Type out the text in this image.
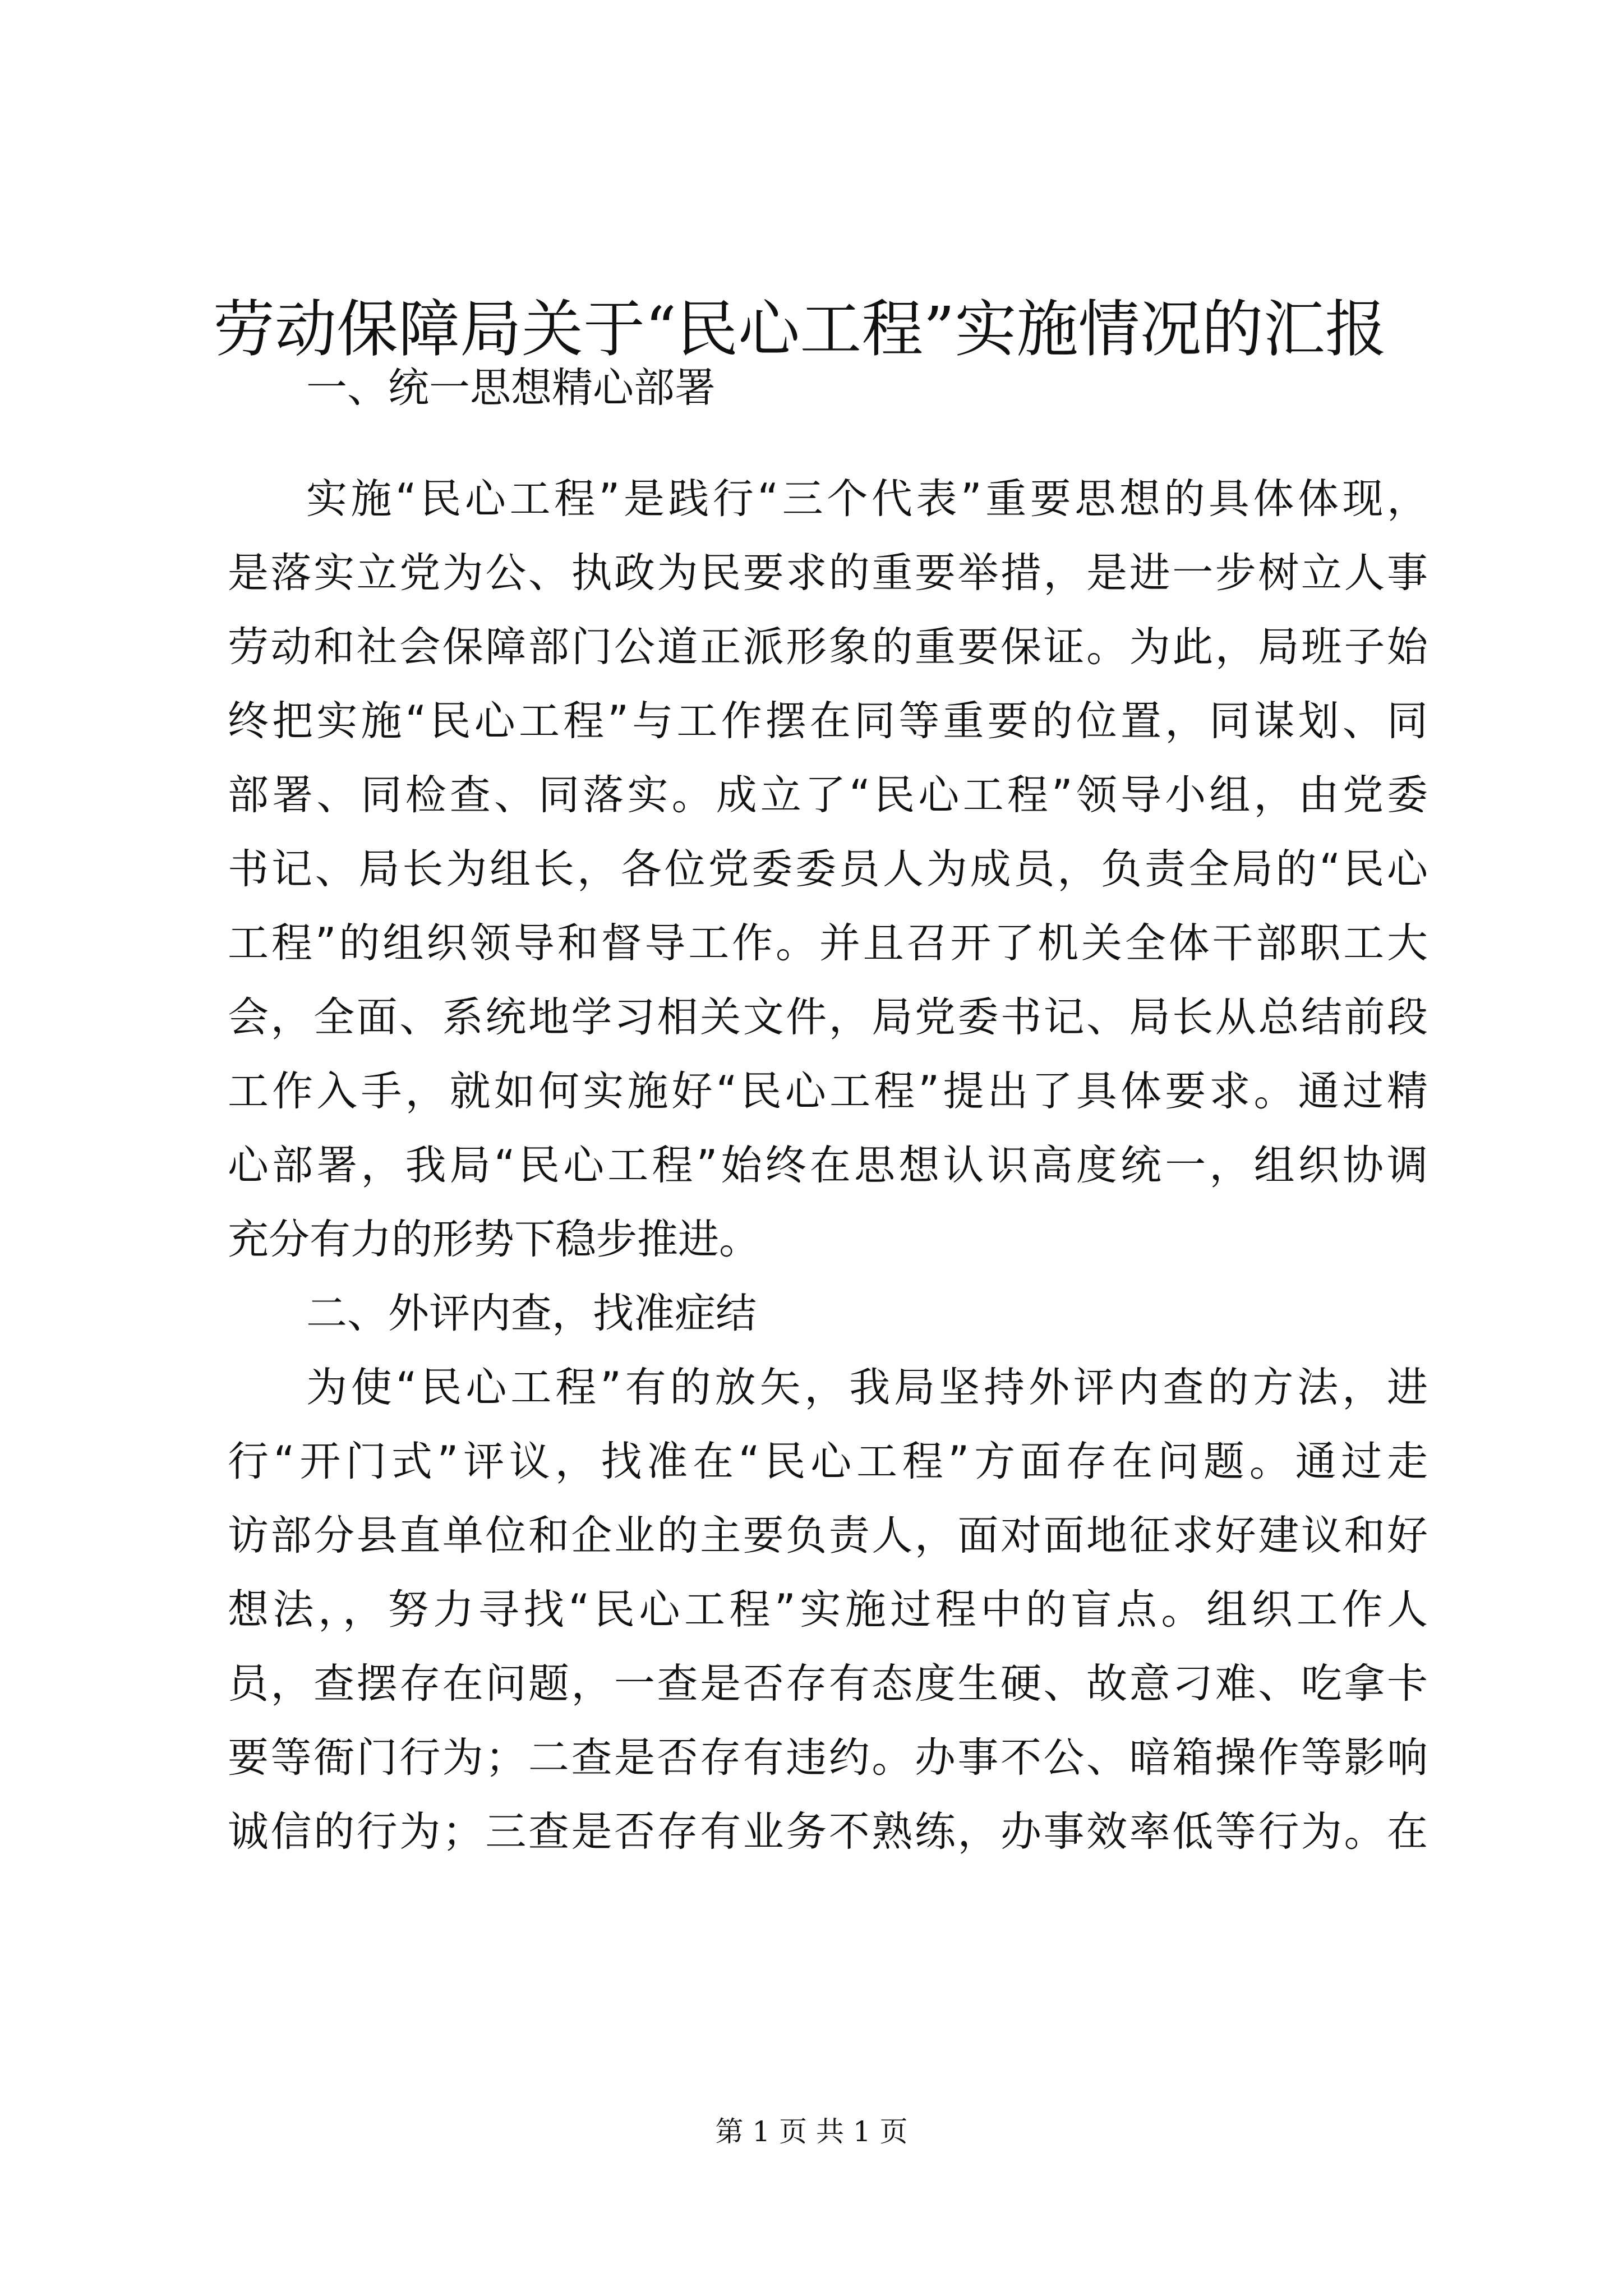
劳动保障局关于“民心工程”实施情况的汇报
一、统一思想精心部署
实施“民心工程”是践行“三个代表”重要思想的具体体现，
是落实立党为公、执政为民要求的重要举措，是进一步树立人事
劳动和社会保障部门公道正派形象的重要保证。为此，局班子始
终把实施“民心工程”与工作摆在同等重要的位置，同谋划、同
部署、同检查、同落实。成立了“民心工程”领导小组，由党委
书记、局长为组长，各位党委委员人为成员，负责全局的“民心
工程”的组织领导和督导工作。并且召开了机关全体干部职工大
会，全面、系统地学习相关文件，局党委书记、局长从总结前段
工作入手，就如何实施好“民心工程”提出了具体要求。通过精
心部署，我局“民心工程”始终在思想认识高度统一，组织协调
充分有力的形势下稳步推进。
二、外评内查，找准症结
为使“民心工程”有的放矢，我局坚持外评内查的方法，进
行“开门式”评议，找准在“民心工程”方面存在问题。通过走
访部分县直单位和企业的主要负责人，面对面地征求好建议和好
想法，，努力寻找“民心工程”实施过程中的盲点。组织工作人
员，查摆存在问题，一查是否存有态度生硬、故意刁难、吃拿卡
要等衙门行为；二查是否存有违约。办事不公、暗箱操作等影响
诚信的行为；三查是否存有业务不熟练，办事效率低等行为。在
第 1 页 共 1 页
